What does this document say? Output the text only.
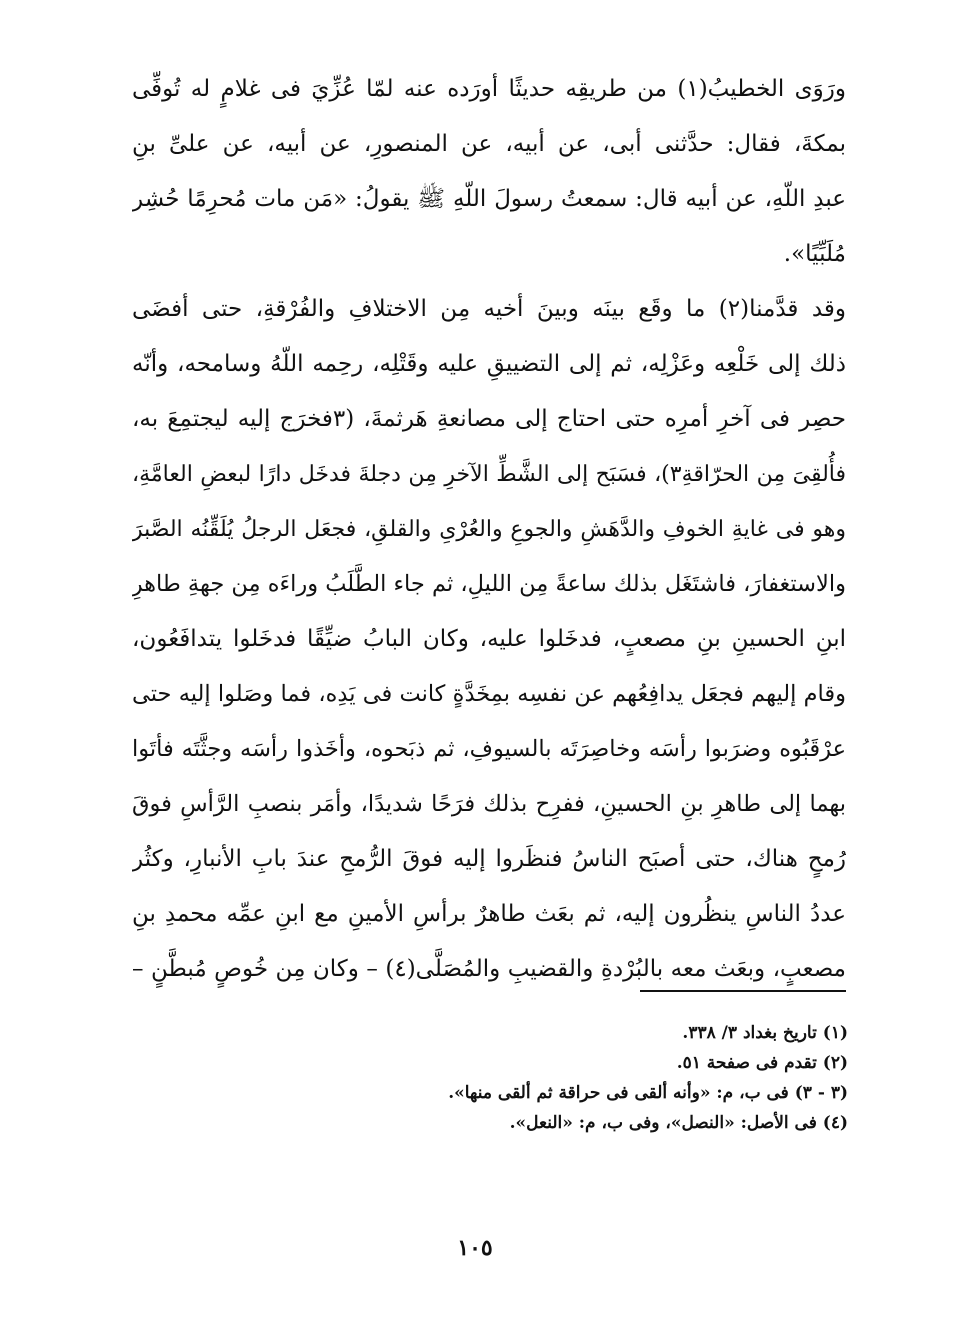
ورَوَى الخطيبُ(١) من طريقِه حديثًا أورَده عنه لمّا عُزِّيَ فى غلامٍ له تُوفِّى
بمكةَ، فقال: حدَّثنى أبى، عن أبيه، عن المنصورِ، عن أبيه، عن علىِّ بنِ
عبدِ اللّهِ، عن أبيه قال: سمعتُ رسولَ اللّهِ ﷺ يقولُ: «مَن مات مُحرِمًا حُشِر
مُلَبِّيًا».
وقد قدَّمنا(٢) ما وقَع بينَه وبينَ أخيه مِن الاختلافِ والفُرْقةِ، حتى أفضَى
ذلك إلى خَلْعِه وعَزْلِه، ثم إلى التضييقِ عليه وقَتْلِه، رحِمه اللّهُ وسامحه، وأنّه
حصِر فى آخرِ أمرِه حتى احتاج إلى مصانعةِ هَرثمةَ، (٣فخرَج إليه ليجتمِعَ به،
فأُلقِىَ مِن الحرّاقةِ٣)، فسَبَح إلى الشَّطِّ الآخرِ مِن دجلةَ فدخَل دارًا لبعضِ العامَّةِ،
وهو فى غايةِ الخوفِ والدَّهَشِ والجوعِ والعُرْىِ والقلقِ، فجعَل الرجلُ يُلَقِّنُه الصَّبرَ
والاستغفارَ، فاشتَغَل بذلك ساعةً مِن الليلِ، ثم جاء الطَّلَبُ وراءَه مِن جهةِ طاهرِ
ابنِ الحسينِ بنِ مصعبٍ، فدخَلوا عليه، وكان البابُ ضيِّقًا فدخَلوا يتدافَعُون،
وقام إليهم فجعَل يدافِعُهم عن نفسِه بمِخَدَّةٍ كانت فى يَدِه، فما وصَلوا إليه حتى
عرْقَبُوه وضرَبوا رأسَه وخاصِرَتَه بالسيوفِ، ثم ذبَحوه، وأخَذوا رأسَه وجثَّتَه فأتَوا
بهما إلى طاهرِ بنِ الحسينِ، ففرِح بذلك فرَحًا شديدًا، وأمَر بنصبِ الرَّأسِ فوقَ
رُمحٍ هناك، حتى أصبَح الناسُ فنظَروا إليه فوقَ الرُّمحِ عندَ بابِ الأنبارِ، وكثُر
عددُ الناسِ ينظُرون إليه، ثم بعَث طاهرٌ برأسِ الأمينِ مع ابنِ عمِّه محمدِ بنِ
مصعبٍ، وبعَث معه بالبُرْدةِ والقضيبِ والمُصَلَّى(٤) – وكان مِن خُوصٍ مُبطَّنٍ –
(١) تاريخ بغداد ٣/ ٣٣٨.
(٢) تقدم فى صفحة ٥١.
(٣ - ٣) فى ب، م: «وأنه ألقى فى حراقة ثم ألقى منها».
(٤) فى الأصل: «النصل»، وفى ب، م: «النعل».
١٠٥
